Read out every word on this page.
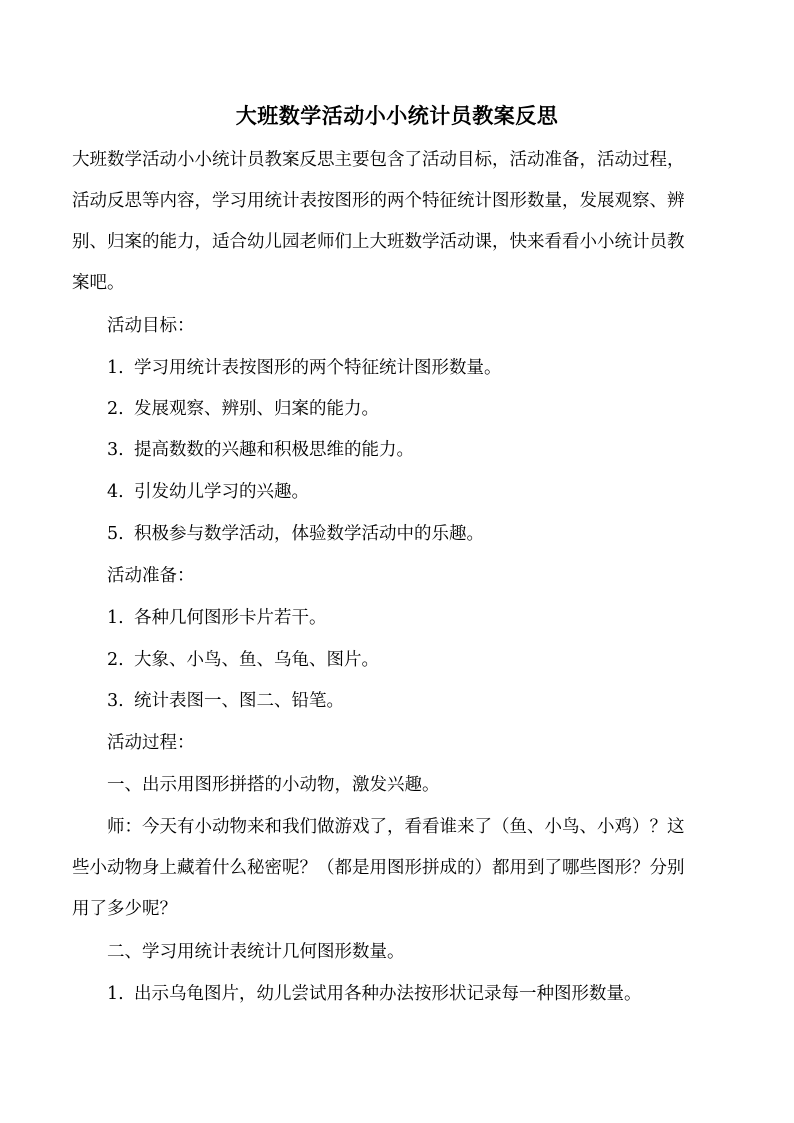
大班数学活动小小统计员教案反思
大班数学活动小小统计员教案反思主要包含了活动目标，活动准备，活动过程，
活动反思等内容，学习用统计表按图形的两个特征统计图形数量，发展观察、辨
别、归案的能力，适合幼儿园老师们上大班数学活动课，快来看看小小统计员教
案吧。
活动目标：
1. 学习用统计表按图形的两个特征统计图形数量。
2. 发展观察、辨别、归案的能力。
3. 提高数数的兴趣和积极思维的能力。
4. 引发幼儿学习的兴趣。
5. 积极参与数学活动，体验数学活动中的乐趣。
活动准备：
1. 各种几何图形卡片若干。
2. 大象、小鸟、鱼、乌龟、图片。
3. 统计表图一、图二、铅笔。
活动过程：
一、出示用图形拼搭的小动物，激发兴趣。
师：今天有小动物来和我们做游戏了，看看谁来了（鱼、小鸟、小鸡）？这
些小动物身上藏着什么秘密呢？（都是用图形拼成的）都用到了哪些图形？分别
用了多少呢？
二、学习用统计表统计几何图形数量。
1. 出示乌龟图片，幼儿尝试用各种办法按形状记录每一种图形数量。
